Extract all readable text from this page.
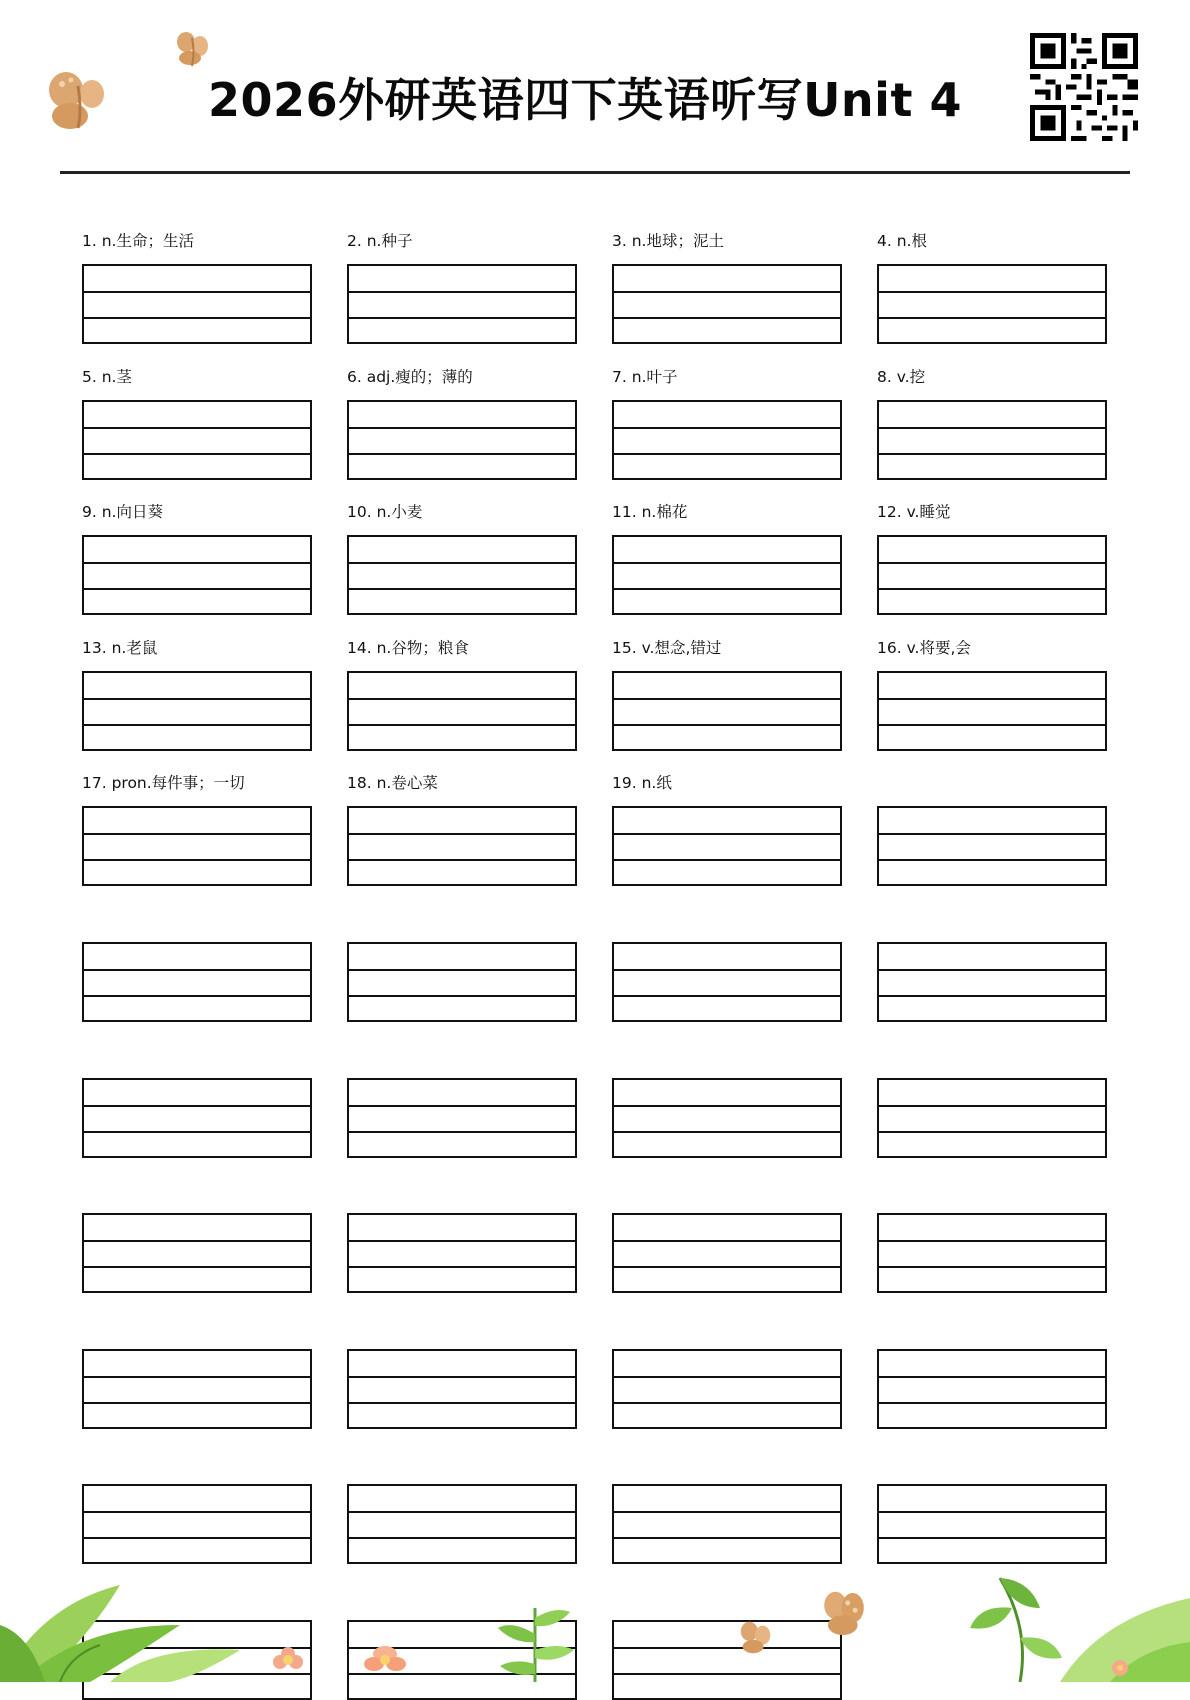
2026外研英语四下英语听写Unit 4
1. n.生命；生活	2. n.种子	3. n.地球；泥土	4. n.根
5. n.茎	6. adj.瘦的；薄的	7. n.叶子	8. v.挖
9. n.向日葵	10. n.小麦	11. n.棉花	12. v.睡觉
13. n.老鼠	14. n.谷物；粮食	15. v.想念,错过	16. v.将要,会
17. pron.每件事；一切	18. n.卷心菜	19. n.纸
